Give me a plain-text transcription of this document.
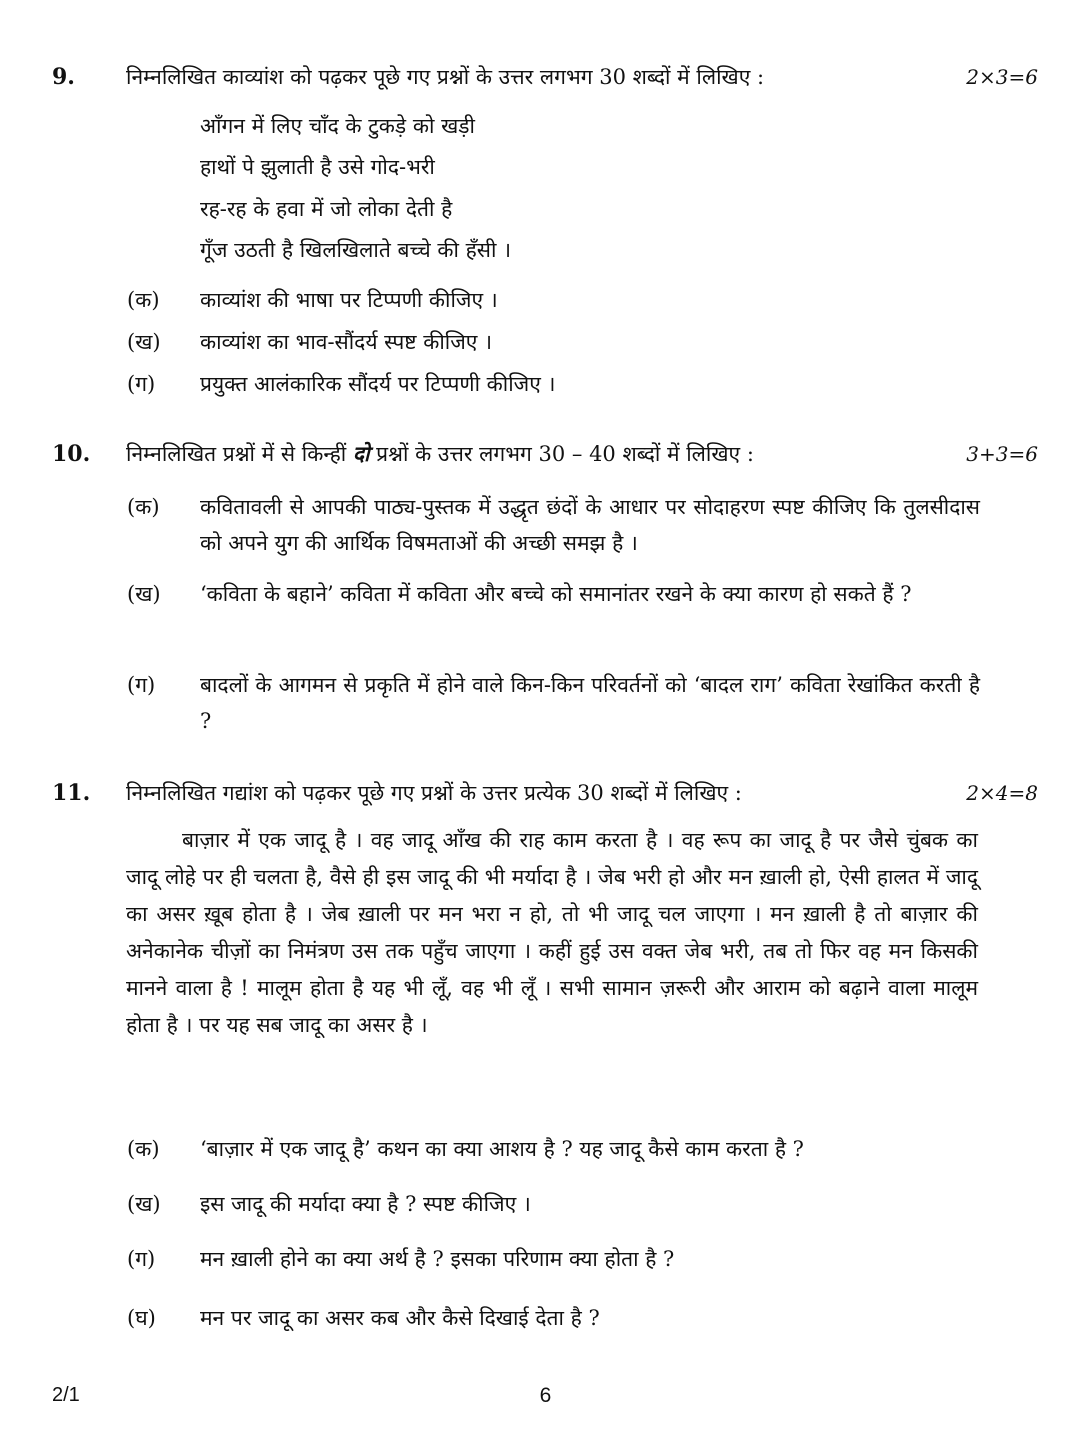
9. निम्नलिखित काव्यांश को पढ़कर पूछे गए प्रश्नों के उत्तर लगभग 30 शब्दों में लिखिए :	2×3=6
आँगन में लिए चाँद के टुकड़े को खड़ी
हाथों पे झुलाती है उसे गोद-भरी
रह-रह के हवा में जो लोका देती है
गूँज उठती है खिलखिलाते बच्चे की हँसी ।
(क) काव्यांश की भाषा पर टिप्पणी कीजिए ।
(ख) काव्यांश का भाव-सौंदर्य स्पष्ट कीजिए ।
(ग) प्रयुक्त आलंकारिक सौंदर्य पर टिप्पणी कीजिए ।
10. निम्नलिखित प्रश्नों में से किन्हीं दो प्रश्नों के उत्तर लगभग 30 – 40 शब्दों में लिखिए :	3+3=6
(क) कवितावली से आपकी पाठ्य-पुस्तक में उद्धृत छंदों के आधार पर सोदाहरण स्पष्ट कीजिए कि तुलसीदास को अपने युग की आर्थिक विषमताओं की अच्छी समझ है ।
(ख) ‘कविता के बहाने’ कविता में कविता और बच्चे को समानांतर रखने के क्या कारण हो सकते हैं ?
(ग) बादलों के आगमन से प्रकृति में होने वाले किन-किन परिवर्तनों को ‘बादल राग’ कविता रेखांकित करती है ?
11. निम्नलिखित गद्यांश को पढ़कर पूछे गए प्रश्नों के उत्तर प्रत्येक 30 शब्दों में लिखिए :	2×4=8
बाज़ार में एक जादू है । वह जादू आँख की राह काम करता है । वह रूप का जादू है पर जैसे चुंबक का जादू लोहे पर ही चलता है, वैसे ही इस जादू की भी मर्यादा है । जेब भरी हो और मन ख़ाली हो, ऐसी हालत में जादू का असर ख़ूब होता है । जेब ख़ाली पर मन भरा न हो, तो भी जादू चल जाएगा । मन ख़ाली है तो बाज़ार की अनेकानेक चीज़ों का निमंत्रण उस तक पहुँच जाएगा । कहीं हुई उस वक्त जेब भरी, तब तो फिर वह मन किसकी मानने वाला है ! मालूम होता है यह भी लूँ, वह भी लूँ । सभी सामान ज़रूरी और आराम को बढ़ाने वाला मालूम होता है । पर यह सब जादू का असर है ।
(क) ‘बाज़ार में एक जादू है’ कथन का क्या आशय है ? यह जादू कैसे काम करता है ?
(ख) इस जादू की मर्यादा क्या है ? स्पष्ट कीजिए ।
(ग) मन ख़ाली होने का क्या अर्थ है ? इसका परिणाम क्या होता है ?
(घ) मन पर जादू का असर कब और कैसे दिखाई देता है ?
2/1	6
